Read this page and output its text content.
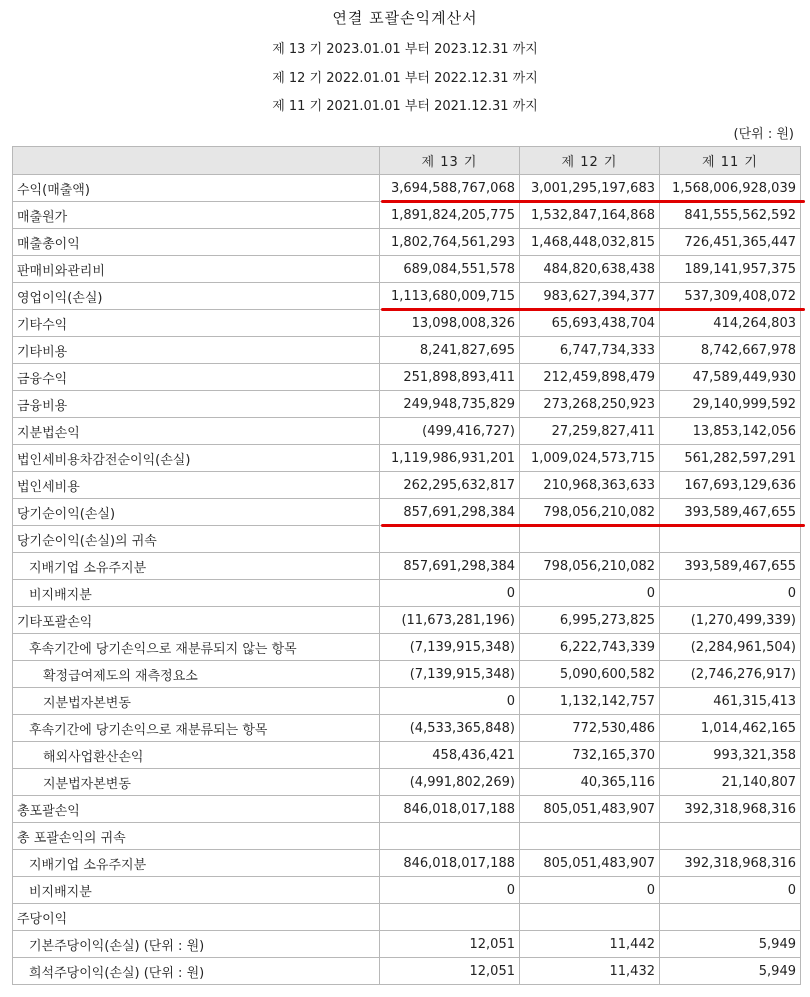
연결 포괄손익계산서
제 13 기 2023.01.01 부터 2023.12.31 까지
제 12 기 2022.01.01 부터 2022.12.31 까지
제 11 기 2021.01.01 부터 2021.12.31 까지
(단위 : 원)
	제 13 기	제 12 기	제 11 기
수익(매출액)	3,694,588,767,068	3,001,295,197,683	1,568,006,928,039
매출원가	1,891,824,205,775	1,532,847,164,868	841,555,562,592
매출총이익	1,802,764,561,293	1,468,448,032,815	726,451,365,447
판매비와관리비	689,084,551,578	484,820,638,438	189,141,957,375
영업이익(손실)	1,113,680,009,715	983,627,394,377	537,309,408,072
기타수익	13,098,008,326	65,693,438,704	414,264,803
기타비용	8,241,827,695	6,747,734,333	8,742,667,978
금융수익	251,898,893,411	212,459,898,479	47,589,449,930
금융비용	249,948,735,829	273,268,250,923	29,140,999,592
지분법손익	(499,416,727)	27,259,827,411	13,853,142,056
법인세비용차감전순이익(손실)	1,119,986,931,201	1,009,024,573,715	561,282,597,291
법인세비용	262,295,632,817	210,968,363,633	167,693,129,636
당기순이익(손실)	857,691,298,384	798,056,210,082	393,589,467,655
당기순이익(손실)의 귀속			
지배기업 소유주지분	857,691,298,384	798,056,210,082	393,589,467,655
비지배지분	0	0	0
기타포괄손익	(11,673,281,196)	6,995,273,825	(1,270,499,339)
후속기간에 당기손익으로 재분류되지 않는 항목	(7,139,915,348)	6,222,743,339	(2,284,961,504)
확정급여제도의 재측정요소	(7,139,915,348)	5,090,600,582	(2,746,276,917)
지분법자본변동	0	1,132,142,757	461,315,413
후속기간에 당기손익으로 재분류되는 항목	(4,533,365,848)	772,530,486	1,014,462,165
해외사업환산손익	458,436,421	732,165,370	993,321,358
지분법자본변동	(4,991,802,269)	40,365,116	21,140,807
총포괄손익	846,018,017,188	805,051,483,907	392,318,968,316
총 포괄손익의 귀속			
지배기업 소유주지분	846,018,017,188	805,051,483,907	392,318,968,316
비지배지분	0	0	0
주당이익			
기본주당이익(손실) (단위 : 원)	12,051	11,442	5,949
희석주당이익(손실) (단위 : 원)	12,051	11,432	5,949
